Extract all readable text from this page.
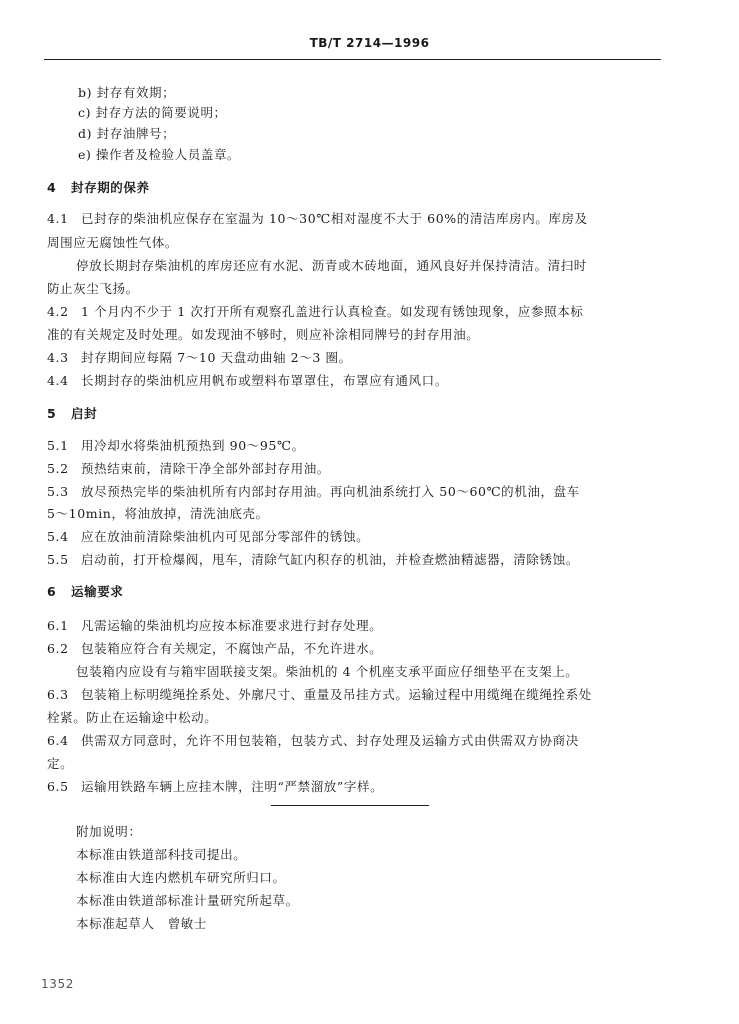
TB/T 2714—1996
b) 封存有效期；
c) 封存方法的简要说明；
d) 封存油牌号；
e) 操作者及检验人员盖章。
4 封存期的保养
4.1 已封存的柴油机应保存在室温为 10～30℃相对湿度不大于 60%的清洁库房内。库房及
周围应无腐蚀性气体。
停放长期封存柴油机的库房还应有水泥、沥青或木砖地面，通风良好并保持清洁。清扫时
防止灰尘飞扬。
4.2 1 个月内不少于 1 次打开所有观察孔盖进行认真检查。如发现有锈蚀现象，应参照本标
准的有关规定及时处理。如发现油不够时，则应补涂相同牌号的封存用油。
4.3 封存期间应每隔 7～10 天盘动曲轴 2～3 圈。
4.4 长期封存的柴油机应用帆布或塑料布罩罩住，布罩应有通风口。
5 启封
5.1 用冷却水将柴油机预热到 90～95℃。
5.2 预热结束前，清除干净全部外部封存用油。
5.3 放尽预热完毕的柴油机所有内部封存用油。再向机油系统打入 50～60℃的机油，盘车
5～10min，将油放掉，清洗油底壳。
5.4 应在放油前清除柴油机内可见部分零部件的锈蚀。
5.5 启动前，打开检爆阀，甩车，清除气缸内积存的机油，并检查燃油精滤器，清除锈蚀。
6 运输要求
6.1 凡需运输的柴油机均应按本标准要求进行封存处理。
6.2 包装箱应符合有关规定，不腐蚀产品，不允许进水。
包装箱内应设有与箱牢固联接支架。柴油机的 4 个机座支承平面应仔细垫平在支架上。
6.3 包装箱上标明缆绳拴系处、外廓尺寸、重量及吊挂方式。运输过程中用缆绳在缆绳拴系处
栓紧。防止在运输途中松动。
6.4 供需双方同意时，允许不用包装箱，包装方式、封存处理及运输方式由供需双方协商决
定。
6.5 运输用铁路车辆上应挂木牌，注明“严禁溜放”字样。
附加说明：
本标准由铁道部科技司提出。
本标准由大连内燃机车研究所归口。
本标准由铁道部标准计量研究所起草。
本标准起草人　曾敏士
1352
